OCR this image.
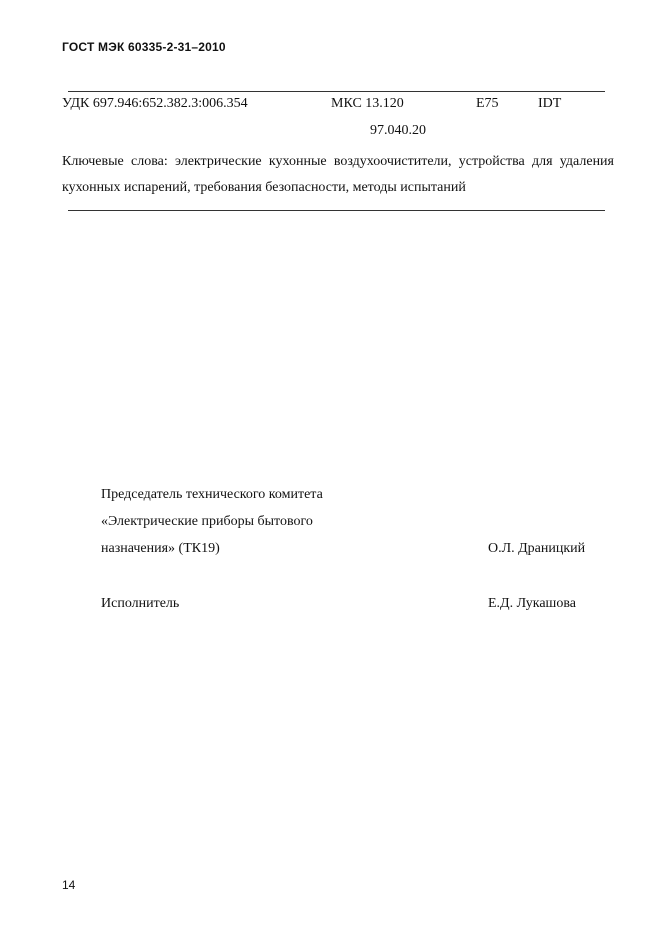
ГОСТ МЭК 60335-2-31–2010
УДК 697.946:652.382.3:006.354	МКС 13.120	Е75	IDT
97.040.20
Ключевые слова: электрические кухонные воздухоочистители, устройства для удаления кухонных испарений, требования безопасности, методы испытаний
Председатель технического комитета
«Электрические приборы бытового
назначения» (ТК19)	О.Л. Драницкий
Исполнитель	Е.Д. Лукашова
14
